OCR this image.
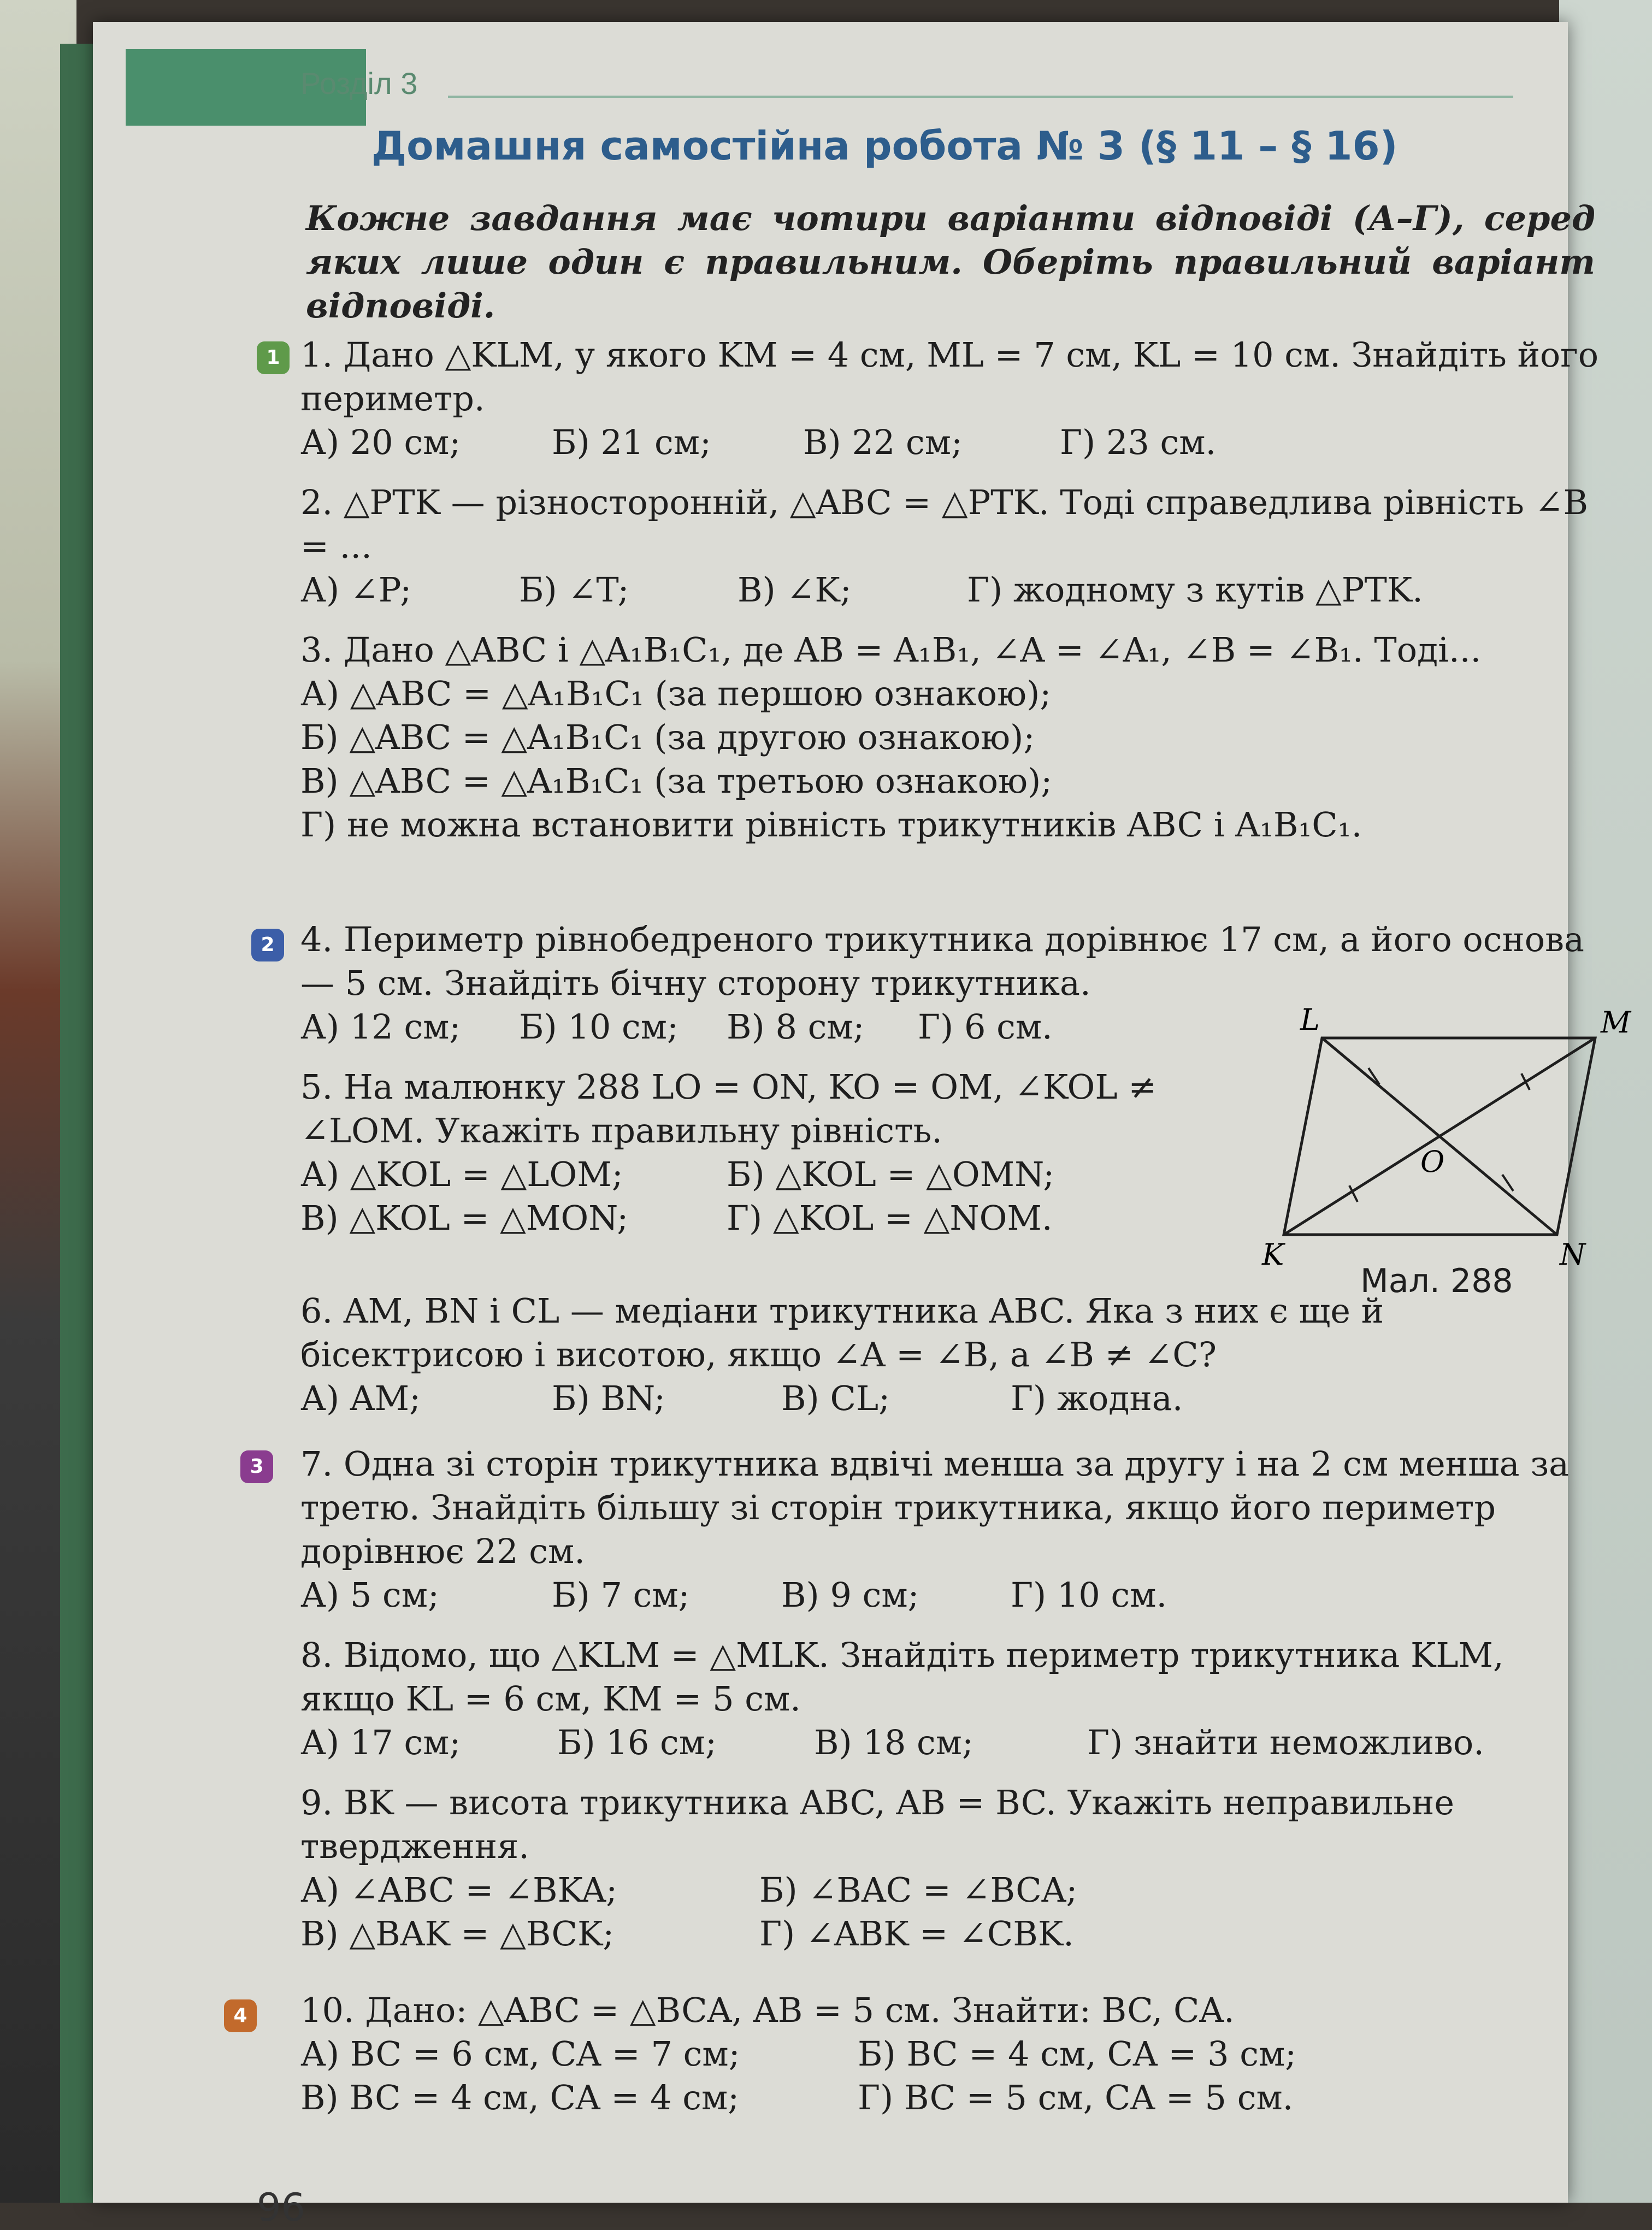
Розділ 3
Домашня самостійна робота № 3 (§ 11 – § 16)
Кожне завдання має чотири варіанти відповіді (А–Г), серед яких лише один є правильним. Оберіть правильний варіант відповіді.
1
2
3
4

1. Дано △KLM, у якого KM = 4 см, ML = 7 см, KL = 10 см. Знайдіть його периметр.

А) 20 см;	Б) 21 см;	В) 22 см;	Г) 23 см.

2. △PTK — різносторонній, △ABC = △PTK. Тоді справедлива рівність ∠B = ...

А) ∠P;	Б) ∠T;	В) ∠K;	Г) жодному з кутів △PTK.

3. Дано △ABC і △A₁B₁C₁, де AB = A₁B₁, ∠A = ∠A₁, ∠B = ∠B₁. Тоді...

А) △ABC = △A₁B₁C₁ (за першою ознакою);
Б) △ABC = △A₁B₁C₁ (за другою ознакою);
В) △ABC = △A₁B₁C₁ (за третьою ознакою);
Г) не можна встановити рівність трикутників ABC і A₁B₁C₁.

4. Периметр рівнобедреного трикутника дорівнює 17 см, а його основа — 5 см. Знайдіть бічну сторону трикутника.

А) 12 см;	Б) 10 см;	В) 8 см;	Г) 6 см.

5. На малюнку 288 LO = ON, KO = OM, ∠KOL ≠ ∠LOM. Укажіть правильну рівність.

А) △KOL = △LOM;	Б) △KOL = △OMN;
В) △KOL = △MON;	Г) △KOL = △NOM.
L	M
K	N
O
Мал. 288

6. AM, BN і CL — медіани трикутника ABC. Яка з них є ще й бісектрисою і висотою, якщо ∠A = ∠B, а ∠B ≠ ∠C?

А) AM;	Б) BN;	В) CL;	Г) жодна.

7. Одна зі сторін трикутника вдвічі менша за другу і на 2 см менша за третю. Знайдіть більшу зі сторін трикутника, якщо його периметр дорівнює 22 см.

А) 5 см;	Б) 7 см;	В) 9 см;	Г) 10 см.

8. Відомо, що △KLM = △MLK. Знайдіть периметр трикутника KLM, якщо KL = 6 см, KM = 5 см.

А) 17 см;	Б) 16 см;	В) 18 см;	Г) знайти неможливо.

9. BK — висота трикутника ABC, AB = BC. Укажіть неправильне твердження.

А) ∠ABC = ∠BKA;	Б) ∠BAC = ∠BCA;
В) △BAK = △BCK;	Г) ∠ABK = ∠CBK.

10. Дано: △ABC = △BCA, AB = 5 см. Знайти: BC, CA.

А) BC = 6 см, CA = 7 см;	Б) BC = 4 см, CA = 3 см;
В) BC = 4 см, CA = 4 см;	Г) BC = 5 см, CA = 5 см.
96
